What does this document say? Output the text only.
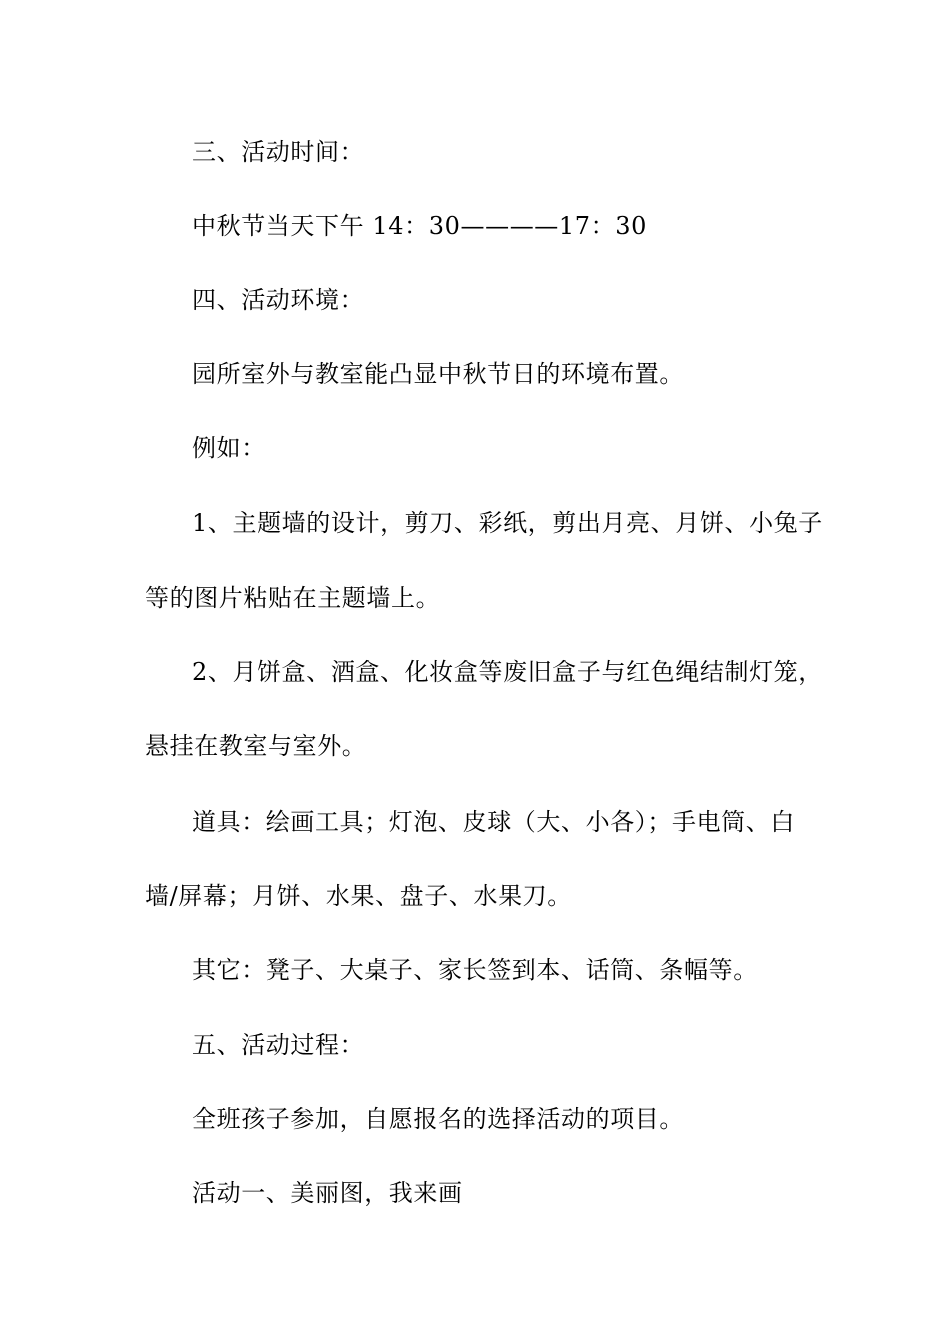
三、活动时间：
中秋节当天下午 14：30————17：30
四、活动环境：
园所室外与教室能凸显中秋节日的环境布置。
例如：
1、主题墙的设计，剪刀、彩纸，剪出月亮、月饼、小兔子
等的图片粘贴在主题墙上。
2、月饼盒、酒盒、化妆盒等废旧盒子与红色绳结制灯笼，
悬挂在教室与室外。
道具：绘画工具；灯泡、皮球（大、小各）；手电筒、白
墙/屏幕；月饼、水果、盘子、水果刀。
其它：凳子、大桌子、家长签到本、话筒、条幅等。
五、活动过程：
全班孩子参加，自愿报名的选择活动的项目。
活动一、美丽图，我来画
